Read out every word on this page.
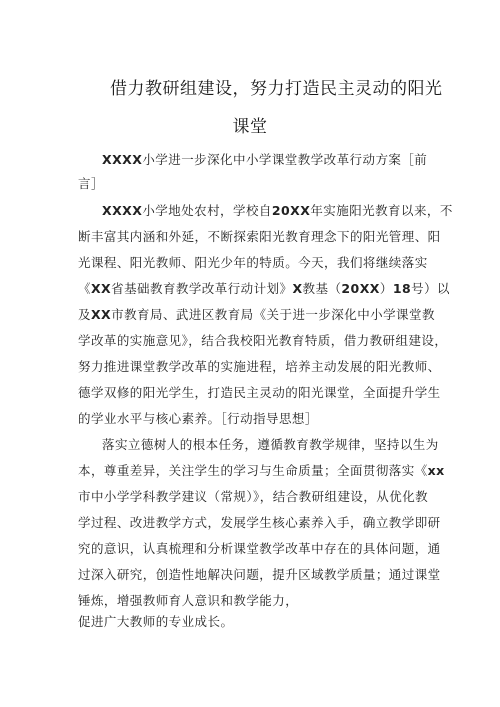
借力教研组建设，努力打造民主灵动的阳光
课堂
XXXX小学进一步深化中小学课堂教学改革行动方案［前
言］
XXXX小学地处农村，学校自20XX年实施阳光教育以来，不
断丰富其内涵和外延，不断探索阳光教育理念下的阳光管理、阳
光课程、阳光教师、阳光少年的特质。今天，我们将继续落实
《XX省基础教育教学改革行动计划》X教基（20XX）18号）以
及XX市教育局、武进区教育局《关于进一步深化中小学课堂教
学改革的实施意见》，结合我校阳光教育特质，借力教研组建设，
努力推进课堂教学改革的实施进程，培养主动发展的阳光教师、
德学双修的阳光学生，打造民主灵动的阳光课堂，全面提升学生
的学业水平与核心素养。［行动指导思想］
落实立德树人的根本任务，遵循教育教学规律，坚持以生为
本，尊重差异，关注学生的学习与生命质量；全面贯彻落实《xx
市中小学学科教学建议（常规）》，结合教研组建设，从优化教
学过程、改进教学方式，发展学生核心素养入手，确立教学即研
究的意识，认真梳理和分析课堂教学改革中存在的具体问题，通
过深入研究，创造性地解决问题，提升区域教学质量；通过课堂
锤炼，增强教师育人意识和教学能力，
促进广大教师的专业成长。
